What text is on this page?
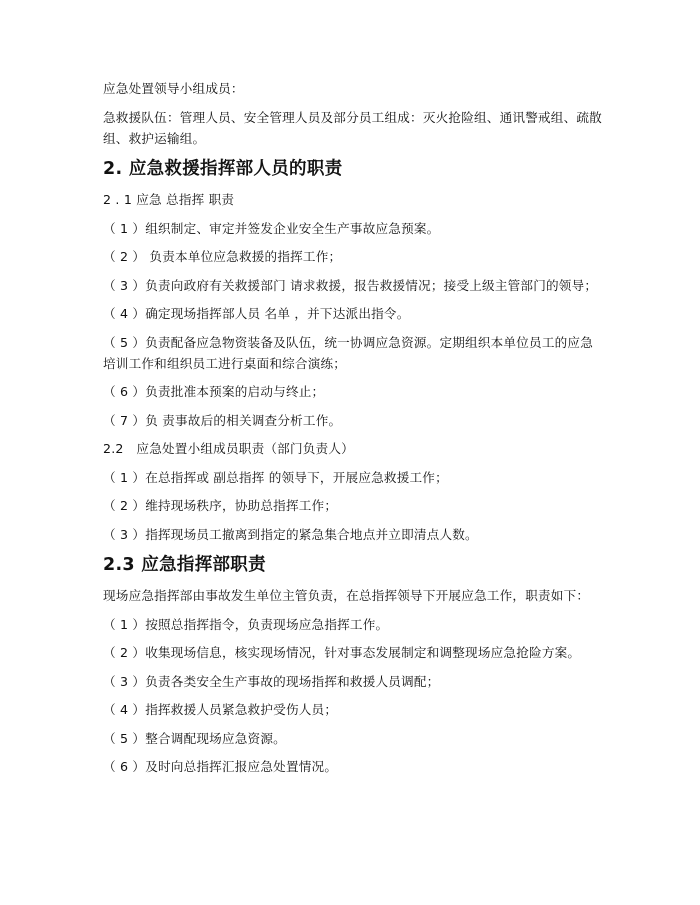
应急处置领导小组成员：

急救援队伍：管理人员、安全管理人员及部分员工组成：灭火抢险组、通讯警戒组、疏散组、救护运输组。

2. 应急救援指挥部人员的职责

2 . 1 应急 总指挥 职责

（ 1 ）组织制定、审定并签发企业安全生产事故应急预案。

（ 2 ） 负责本单位应急救援的指挥工作；

（ 3 ）负责向政府有关救援部门 请求救援，报告救援情况；接受上级主管部门的领导；

（ 4 ）确定现场指挥部人员 名单 ，并下达派出指令。

（ 5 ）负责配备应急物资装备及队伍，统一协调应急资源。定期组织本单位员工的应急培训工作和组织员工进行桌面和综合演练；

（ 6 ）负责批准本预案的启动与终止；

（ 7 ）负 责事故后的相关调查分析工作。

2.2　应急处置小组成员职责（部门负责人）

（ 1 ）在总指挥或 副总指挥 的领导下，开展应急救援工作；

（ 2 ）维持现场秩序，协助总指挥工作；

（ 3 ）指挥现场员工撤离到指定的紧急集合地点并立即清点人数。

2.3 应急指挥部职责

现场应急指挥部由事故发生单位主管负责，在总指挥领导下开展应急工作，职责如下：

（ 1 ）按照总指挥指令，负责现场应急指挥工作。

（ 2 ）收集现场信息，核实现场情况，针对事态发展制定和调整现场应急抢险方案。

（ 3 ）负责各类安全生产事故的现场指挥和救援人员调配；

（ 4 ）指挥救援人员紧急救护受伤人员；

（ 5 ）整合调配现场应急资源。

（ 6 ）及时向总指挥汇报应急处置情况。
